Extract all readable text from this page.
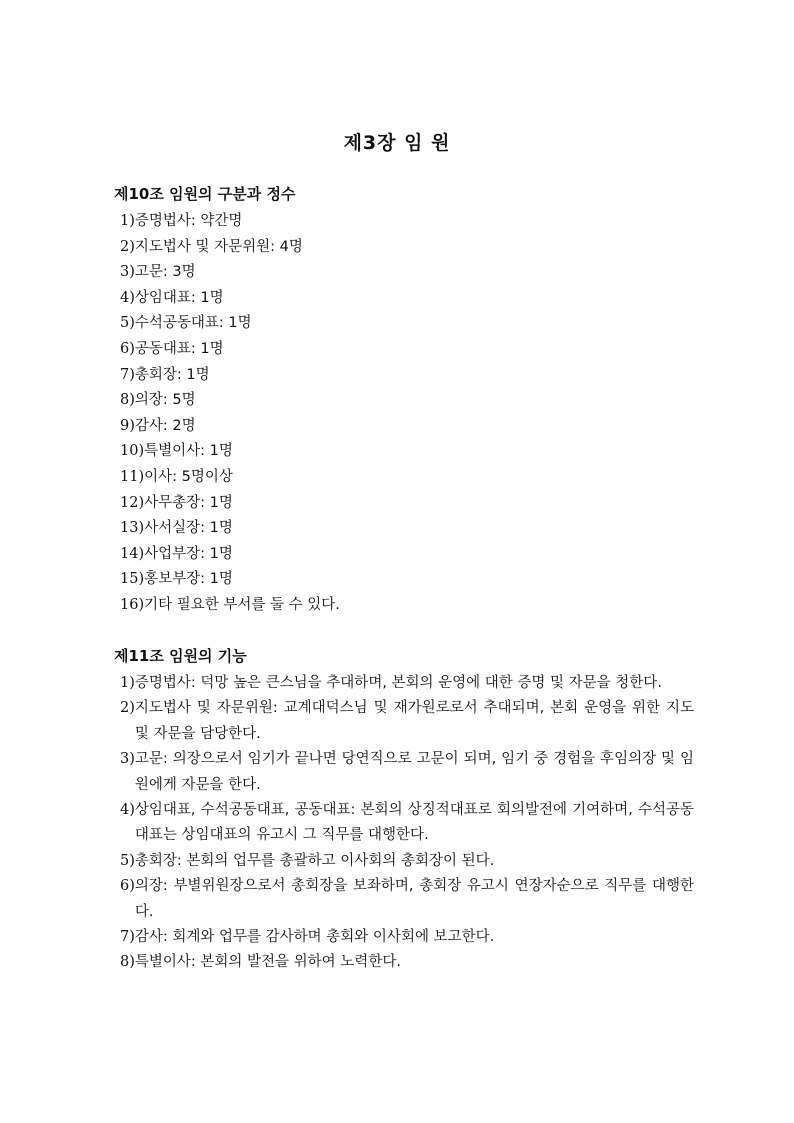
제3장 임 원
제10조 임원의 구분과 정수
1)증명법사: 약간명
2)지도법사 및 자문위원: 4명
3)고문: 3명
4)상임대표: 1명
5)수석공동대표: 1명
6)공동대표: 1명
7)총회장: 1명
8)의장: 5명
9)감사: 2명
10)특별이사: 1명
11)이사: 5명이상
12)사무총장: 1명
13)사서실장: 1명
14)사업부장: 1명
15)홍보부장: 1명
16)기타 필요한 부서를 둘 수 있다.
제11조 임원의 기능
1) 증명법사: 덕망 높은 큰스님을 추대하며, 본회의 운영에 대한 증명 및 자문을 청한다.
2) 지도법사 및 자문위원: 교계대덕스님 및 재가원로로서 추대되며, 본회 운영을 위한 지도 및 자문을 담당한다.
3) 고문: 의장으로서 임기가 끝나면 당연직으로 고문이 되며, 임기 중 경험을 후임의장 및 임원에게 자문을 한다.
4) 상임대표, 수석공동대표, 공동대표: 본회의 상징적대표로 회의발전에 기여하며, 수석공동대표는 상임대표의 유고시 그 직무를 대행한다.
5) 총회장: 본회의 업무를 총괄하고 이사회의 총회장이 된다.
6) 의장: 부별위원장으로서 총회장을 보좌하며, 총회장 유고시 연장자순으로 직무를 대행한다.
7) 감사: 회계와 업무를 감사하며 총회와 이사회에 보고한다.
8) 특별이사: 본회의 발전을 위하여 노력한다.
